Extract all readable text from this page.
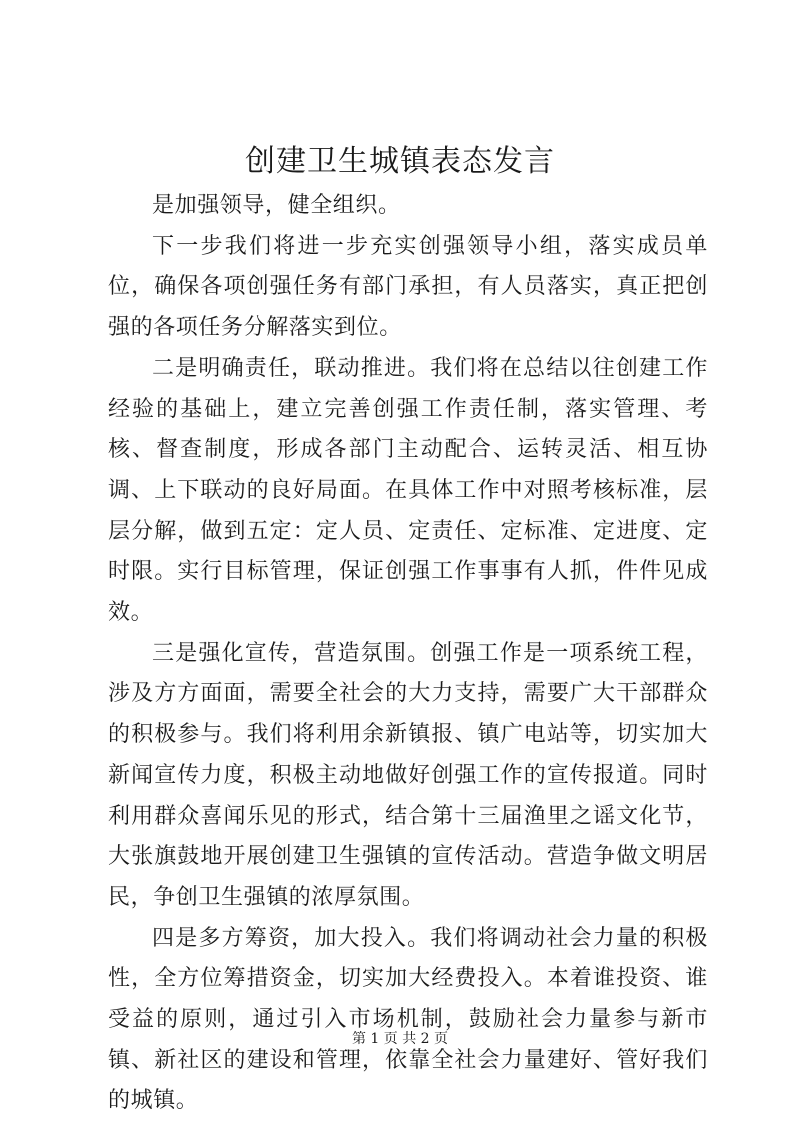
创建卫生城镇表态发言

是加强领导，健全组织。

下一步我们将进一步充实创强领导小组，落实成员单位，确保各项创强任务有部门承担，有人员落实，真正把创强的各项任务分解落实到位。

二是明确责任，联动推进。我们将在总结以往创建工作经验的基础上，建立完善创强工作责任制，落实管理、考核、督查制度，形成各部门主动配合、运转灵活、相互协调、上下联动的良好局面。在具体工作中对照考核标准，层层分解，做到五定：定人员、定责任、定标准、定进度、定时限。实行目标管理，保证创强工作事事有人抓，件件见成效。

三是强化宣传，营造氛围。创强工作是一项系统工程，涉及方方面面，需要全社会的大力支持，需要广大干部群众的积极参与。我们将利用余新镇报、镇广电站等，切实加大新闻宣传力度，积极主动地做好创强工作的宣传报道。同时利用群众喜闻乐见的形式，结合第十三届渔里之谣文化节，大张旗鼓地开展创建卫生强镇的宣传活动。营造争做文明居民，争创卫生强镇的浓厚氛围。

四是多方筹资，加大投入。我们将调动社会力量的积极性，全方位筹措资金，切实加大经费投入。本着谁投资、谁受益的原则，通过引入市场机制，鼓励社会力量参与新市镇、新社区的建设和管理，依靠全社会力量建好、管好我们的城镇。

第 1 页 共 2 页
